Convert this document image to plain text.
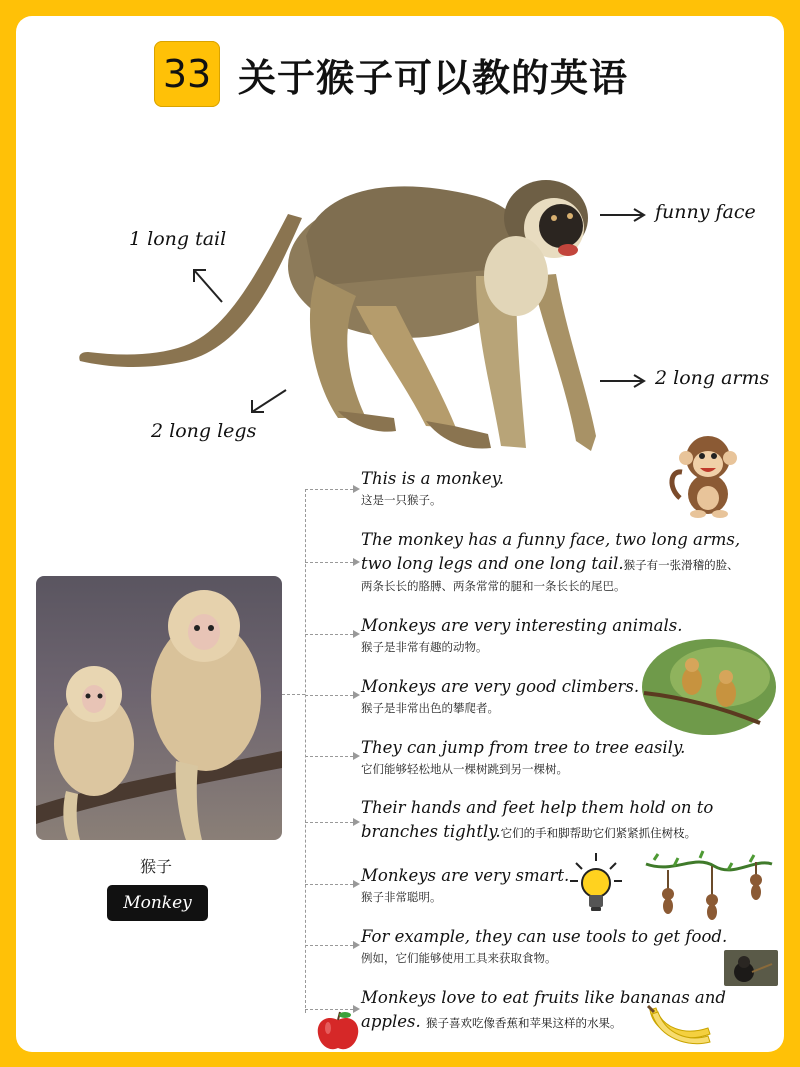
33 关于猴子可以教的英语
1 long tail
funny face
2 long arms
2 long legs
猴子
Monkey
This is a monkey.
这是一只猴子。
The monkey has a funny face, two long arms,
two long legs and one long tail.猴子有一张滑稽的脸、
两条长长的胳膊、两条常常的腿和一条长长的尾巴。
Monkeys are very interesting animals.
猴子是非常有趣的动物。
Monkeys are very good climbers.
猴子是非常出色的攀爬者。
They can jump from tree to tree easily.
它们能够轻松地从一棵树跳到另一棵树。
Their hands and feet help them hold on to
branches tightly.它们的手和脚帮助它们紧紧抓住树枝。
Monkeys are very smart.
猴子非常聪明。
For example, they can use tools to get food.
例如，它们能够使用工具来获取食物。
Monkeys love to eat fruits like bananas and
apples. 猴子喜欢吃像香蕉和苹果这样的水果。
